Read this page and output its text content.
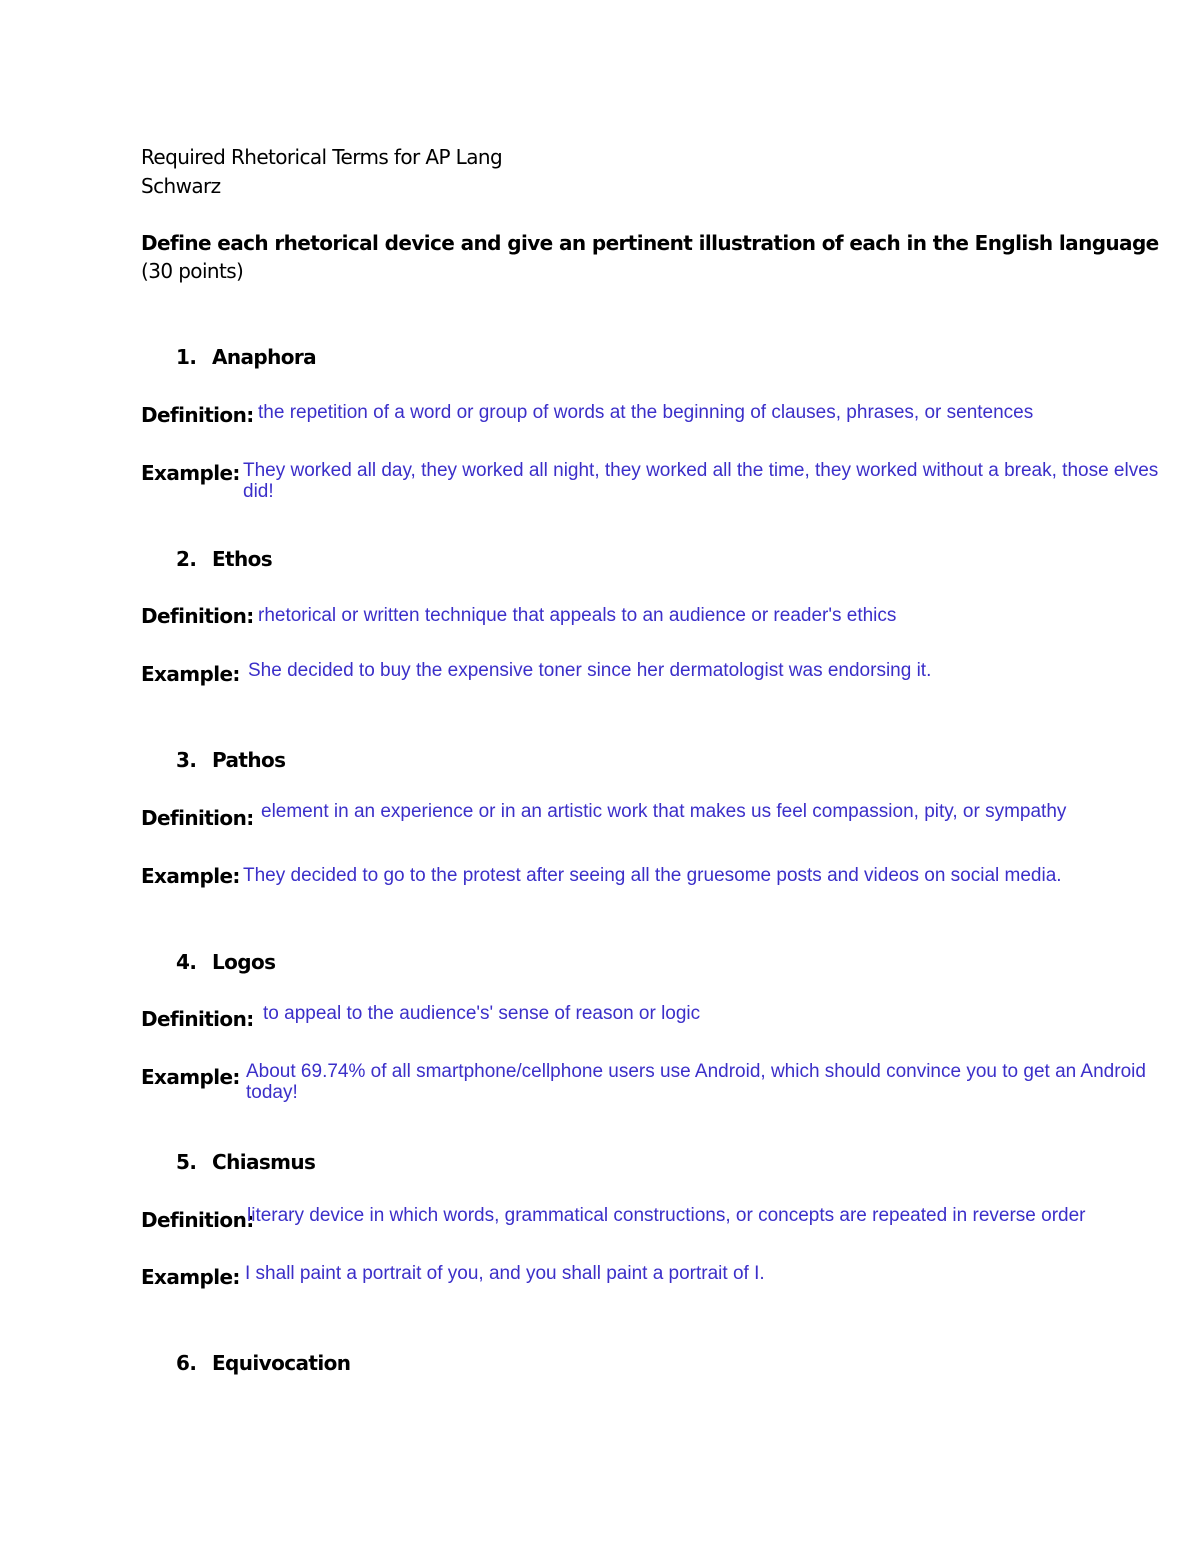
Required Rhetorical Terms for AP Lang
Schwarz
Define each rhetorical device and give an pertinent illustration of each in the English language
(30 points)
1. Anaphora
Definition: the repetition of a word or group of words at the beginning of clauses, phrases, or sentences
Example: They worked all day, they worked all night, they worked all the time, they worked without a break, those elves did!
2. Ethos
Definition: rhetorical or written technique that appeals to an audience or reader's ethics
Example: She decided to buy the expensive toner since her dermatologist was endorsing it.
3. Pathos
Definition: element in an experience or in an artistic work that makes us feel compassion, pity, or sympathy
Example: They decided to go to the protest after seeing all the gruesome posts and videos on social media.
4. Logos
Definition: to appeal to the audience's' sense of reason or logic
Example: About 69.74% of all smartphone/cellphone users use Android, which should convince you to get an Android today!
5. Chiasmus
Definition:
literary device in which words, grammatical constructions, or concepts are repeated in reverse order
Example: I shall paint a portrait of you, and you shall paint a portrait of I.
6. Equivocation
